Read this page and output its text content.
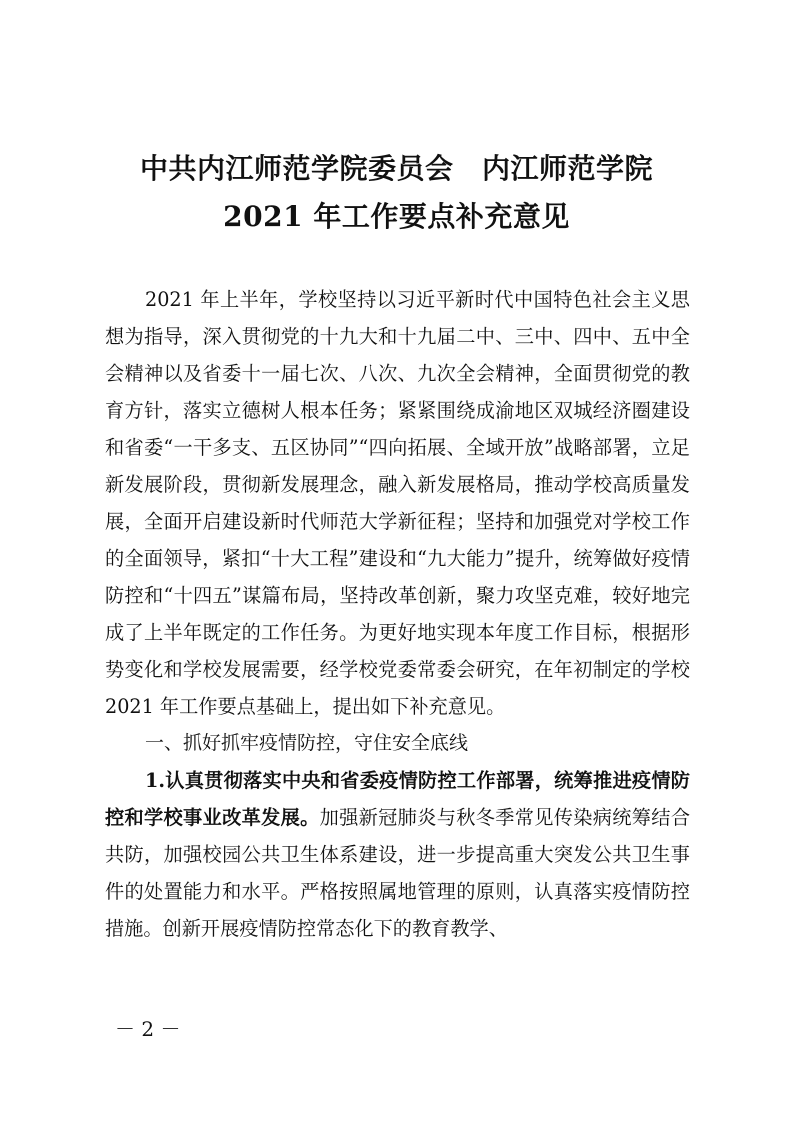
中共内江师范学院委员会　内江师范学院
2021 年工作要点补充意见

2021 年上半年，学校坚持以习近平新时代中国特色社会主义思想为指导，深入贯彻党的十九大和十九届二中、三中、四中、五中全会精神以及省委十一届七次、八次、九次全会精神，全面贯彻党的教育方针，落实立德树人根本任务；紧紧围绕成渝地区双城经济圈建设和省委“一干多支、五区协同”“四向拓展、全域开放”战略部署，立足新发展阶段，贯彻新发展理念，融入新发展格局，推动学校高质量发展，全面开启建设新时代师范大学新征程；坚持和加强党对学校工作的全面领导，紧扣“十大工程”建设和“九大能力”提升，统筹做好疫情防控和“十四五”谋篇布局，坚持改革创新，聚力攻坚克难，较好地完成了上半年既定的工作任务。为更好地实现本年度工作目标，根据形势变化和学校发展需要，经学校党委常委会研究，在年初制定的学校 2021 年工作要点基础上，提出如下补充意见。

一、抓好抓牢疫情防控，守住安全底线

1.认真贯彻落实中央和省委疫情防控工作部署，统筹推进疫情防控和学校事业改革发展。加强新冠肺炎与秋冬季常见传染病统筹结合共防，加强校园公共卫生体系建设，进一步提高重大突发公共卫生事件的处置能力和水平。严格按照属地管理的原则，认真落实疫情防控措施。创新开展疫情防控常态化下的教育教学、

－ 2 －
